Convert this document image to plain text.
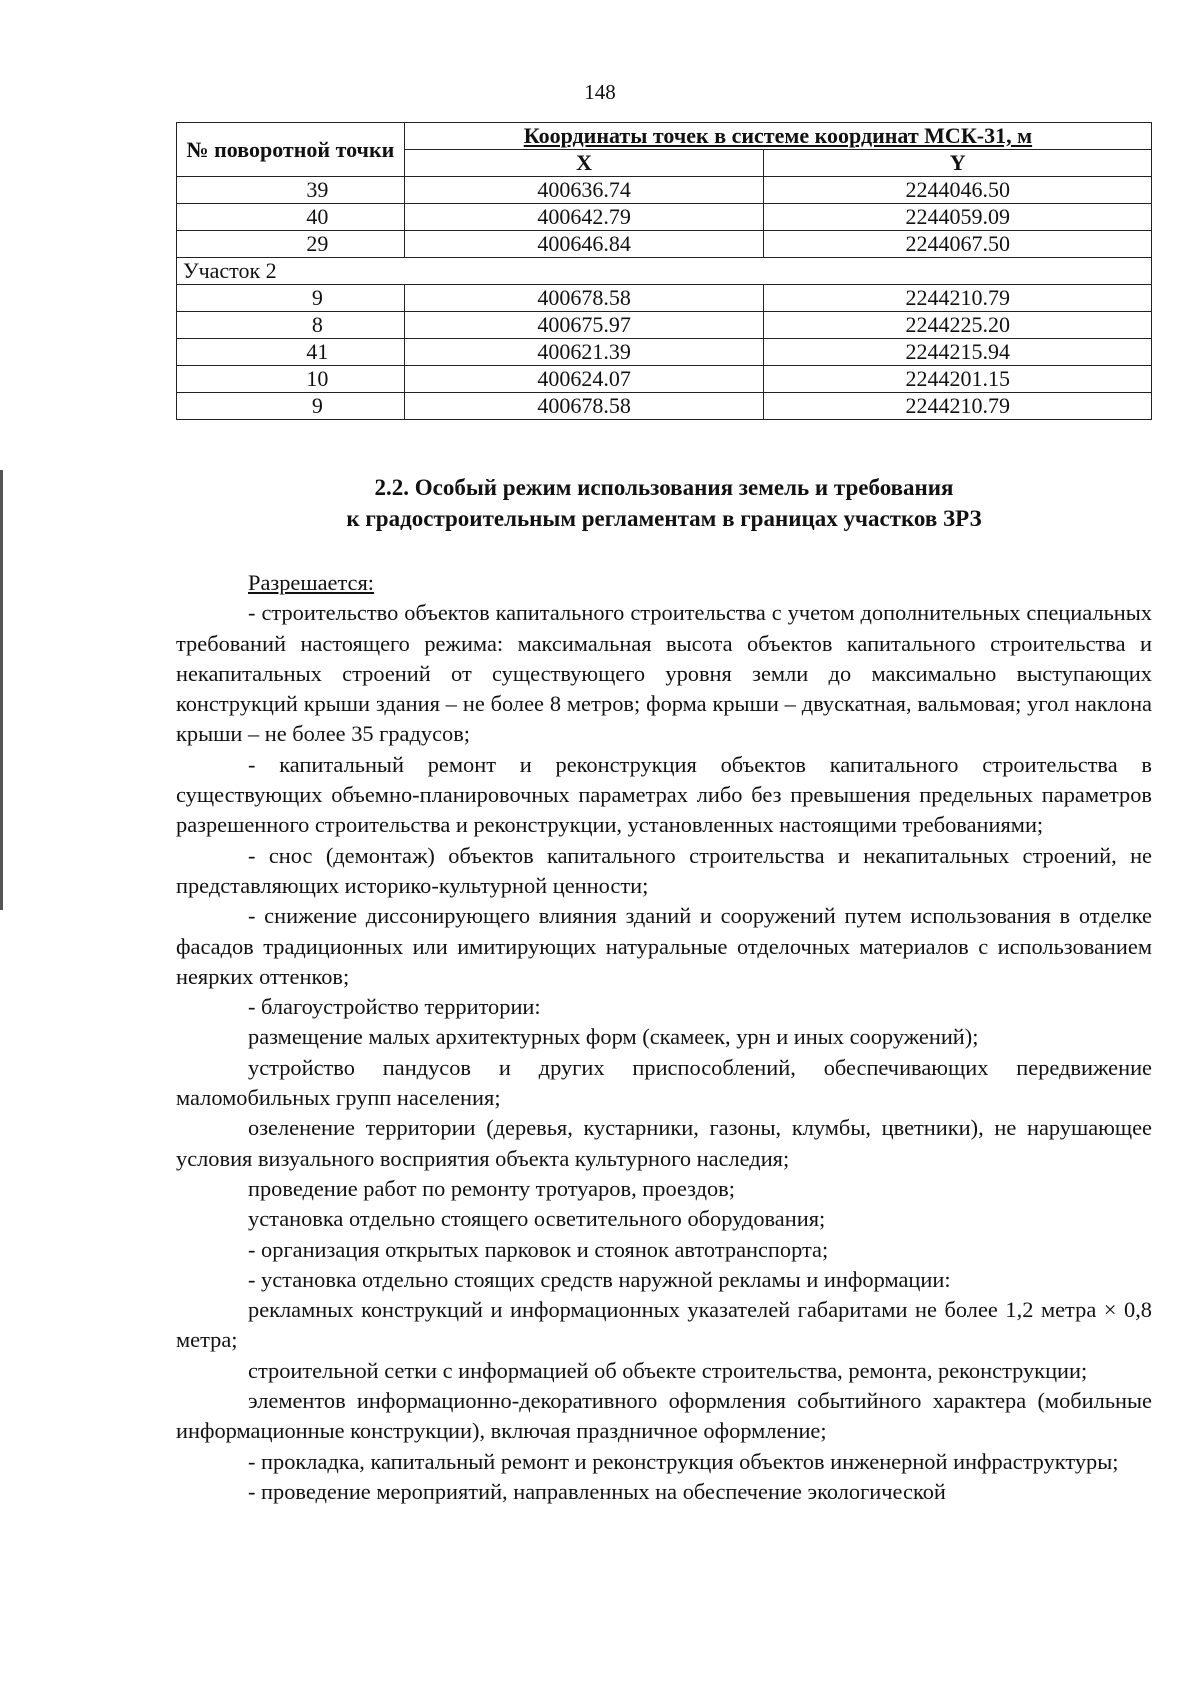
148
№ поворотной точки	Координаты точек в системе координат МСК-31, м	
	X	Y
39	400636.74	2244046.50
40	400642.79	2244059.09
29	400646.84	2244067.50
Участок 2		
9	400678.58	2244210.79
8	400675.97	2244225.20
41	400621.39	2244215.94
10	400624.07	2244201.15
9	400678.58	2244210.79
2.2. Особый режим использования земель и требования
к градостроительным регламентам в границах участков ЗРЗ

Разрешается:

- строительство объектов капитального строительства с учетом дополнительных специальных требований настоящего режима: максимальная высота объектов капитального строительства и некапитальных строений от существующего уровня земли до максимально выступающих конструкций крыши здания – не более 8 метров; форма крыши – двускатная, вальмовая; угол наклона крыши – не более 35 градусов;

- капитальный ремонт и реконструкция объектов капитального строительства в существующих объемно-планировочных параметрах либо без превышения предельных параметров разрешенного строительства и реконструкции, установленных настоящими требованиями;

- снос (демонтаж) объектов капитального строительства и некапитальных строений, не представляющих историко-культурной ценности;

- снижение диссонирующего влияния зданий и сооружений путем использования в отделке фасадов традиционных или имитирующих натуральные отделочных материалов с использованием неярких оттенков;

- благоустройство территории:

размещение малых архитектурных форм (скамеек, урн и иных сооружений);

устройство пандусов и других приспособлений, обеспечивающих передвижение маломобильных групп населения;

озеленение территории (деревья, кустарники, газоны, клумбы, цветники), не нарушающее условия визуального восприятия объекта культурного наследия;

проведение работ по ремонту тротуаров, проездов;

установка отдельно стоящего осветительного оборудования;

- организация открытых парковок и стоянок автотранспорта;

- установка отдельно стоящих средств наружной рекламы и информации:

рекламных конструкций и информационных указателей габаритами не более 1,2 метра × 0,8 метра;

строительной сетки с информацией об объекте строительства, ремонта, реконструкции;

элементов информационно-декоративного оформления событийного характера (мобильные информационные конструкции), включая праздничное оформление;

- прокладка, капитальный ремонт и реконструкция объектов инженерной инфраструктуры;

- проведение мероприятий, направленных на обеспечение экологической
